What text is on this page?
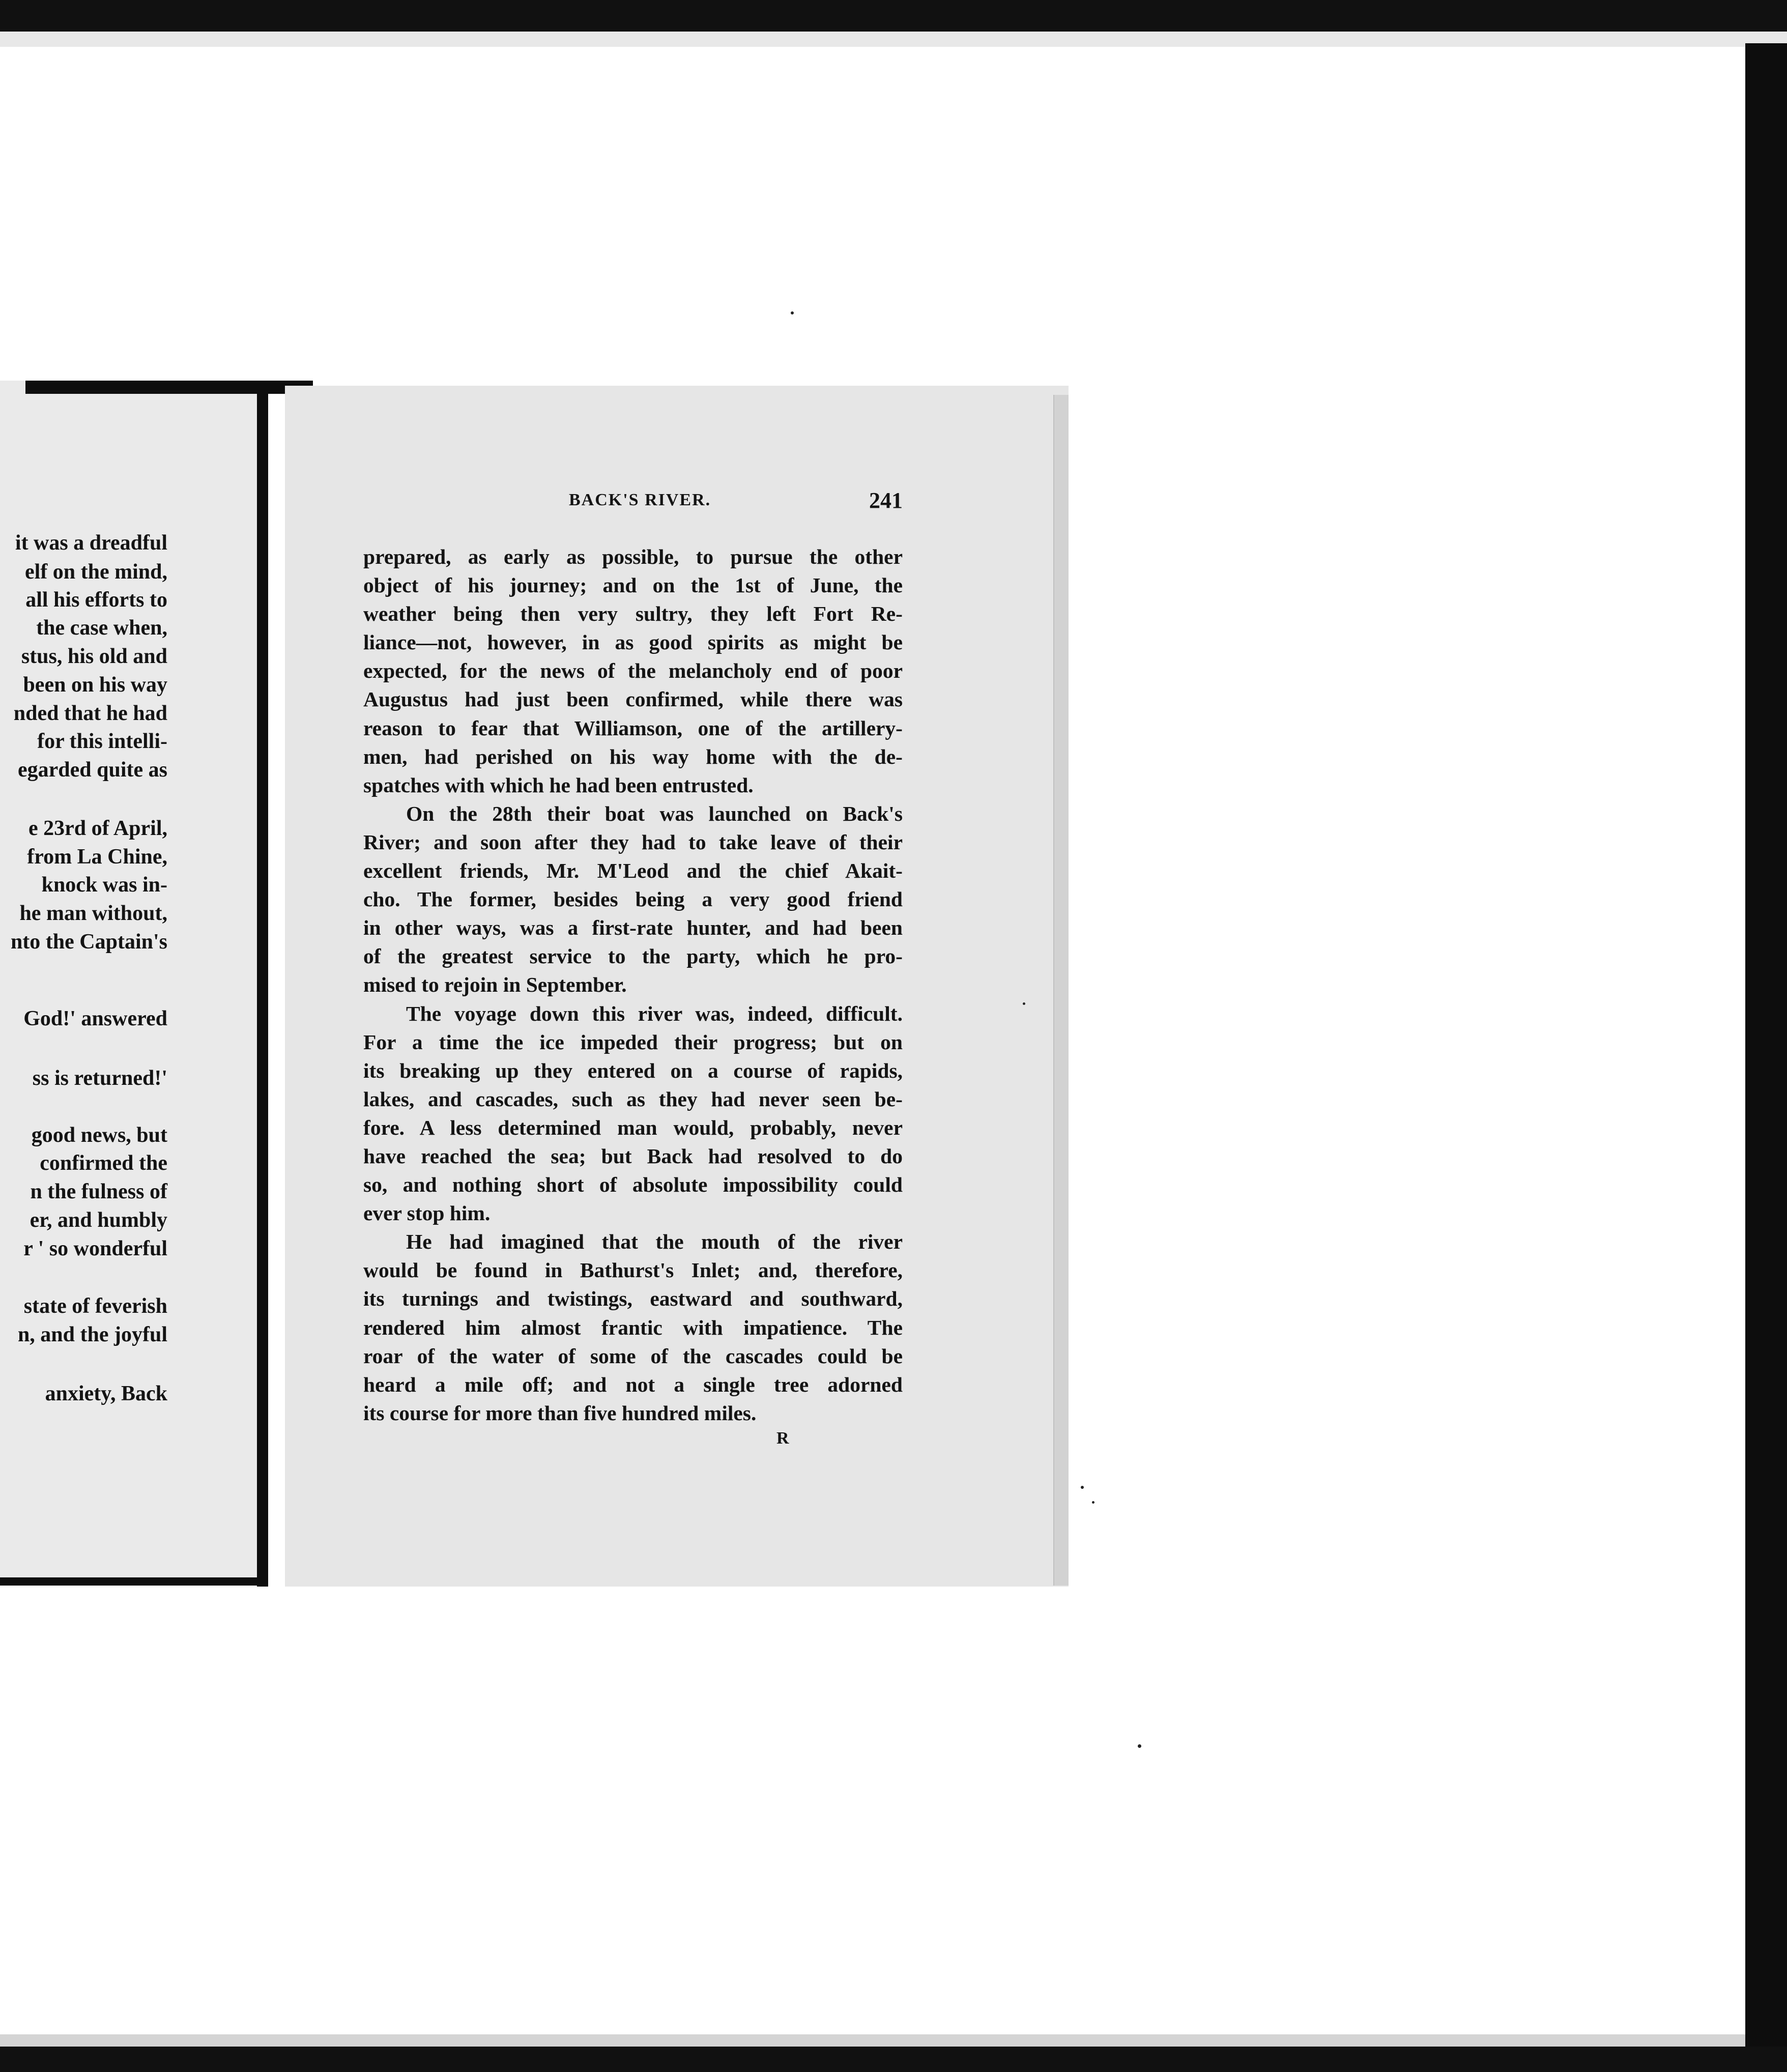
it was a dreadful
elf on the mind,
all his efforts to
the case when,
stus, his old and
been on his way
nded that he had
for this intelli-
egarded quite as
e 23rd of April,
from La Chine,
knock was in-
he man without,
nto the Captain's
God!' answered
ss is returned!'
good news, but
confirmed the
n the fulness of
er, and humbly
r ' so wonderful
state of feverish
n, and the joyful
anxiety, Back
BACK'S RIVER.	241
prepared, as early as possible, to pursue the other
object of his journey; and on the 1st of June, the
weather being then very sultry, they left Fort Re-
liance—not, however, in as good spirits as might be
expected, for the news of the melancholy end of poor
Augustus had just been confirmed, while there was
reason to fear that Williamson, one of the artillery-
men, had perished on his way home with the de-
spatches with which he had been entrusted.
On the 28th their boat was launched on Back's
River; and soon after they had to take leave of their
excellent friends, Mr. M'Leod and the chief Akait-
cho. The former, besides being a very good friend
in other ways, was a first-rate hunter, and had been
of the greatest service to the party, which he pro-
mised to rejoin in September.
The voyage down this river was, indeed, difficult.
For a time the ice impeded their progress; but on
its breaking up they entered on a course of rapids,
lakes, and cascades, such as they had never seen be-
fore. A less determined man would, probably, never
have reached the sea; but Back had resolved to do
so, and nothing short of absolute impossibility could
ever stop him.
He had imagined that the mouth of the river
would be found in Bathurst's Inlet; and, therefore,
its turnings and twistings, eastward and southward,
rendered him almost frantic with impatience. The
roar of the water of some of the cascades could be
heard a mile off; and not a single tree adorned
its course for more than five hundred miles.
R
